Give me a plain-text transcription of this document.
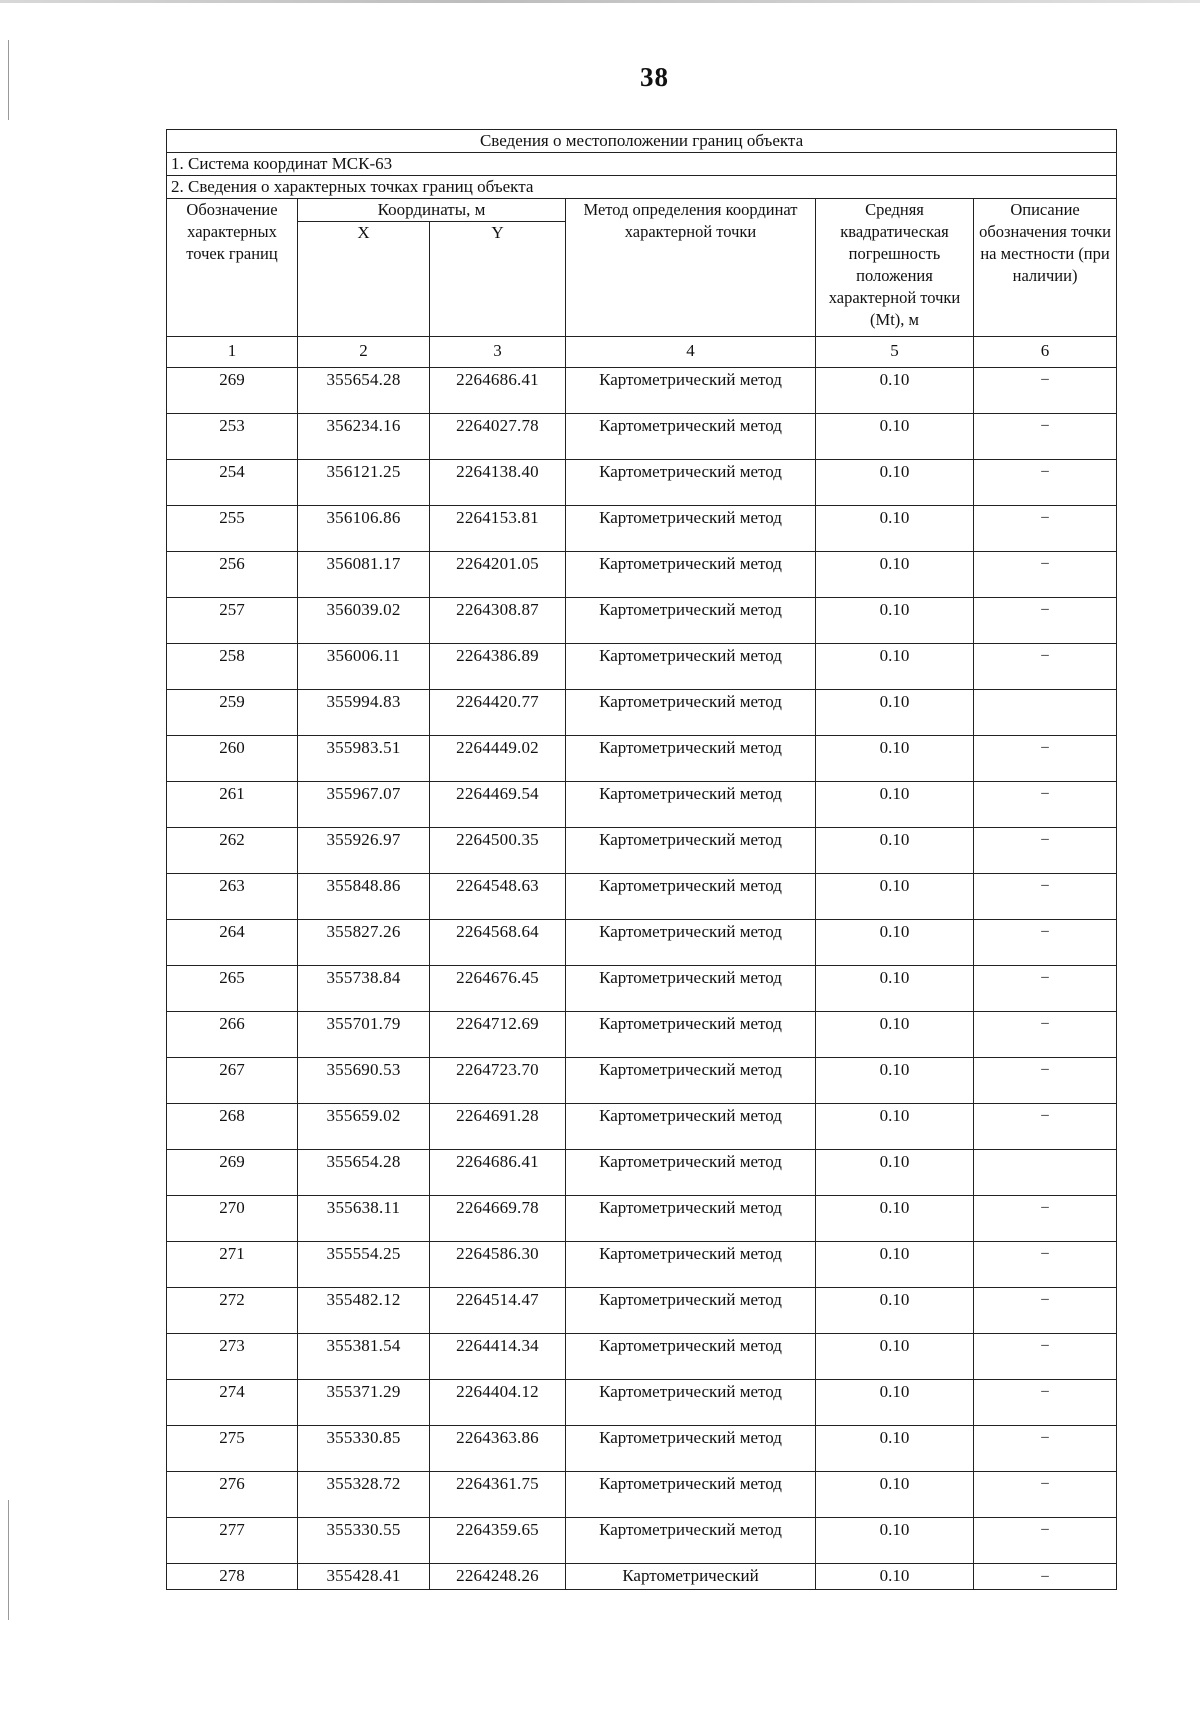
38
Сведения о местоположении границ объекта					
1. Система координат МСК-63					
2. Сведения о характерных точках границ объекта					
Обозначение характерных точек границ	Координаты, м		Метод определения координат характерной точки	Средняя квадратическая погрешность положения характерной точки (Mt), м	Описание обозначения точки на местности (при наличии)
	X	Y			
1	2	3	4	5	6
269	355654.28	2264686.41	Картометрический метод	0.10	–
253	356234.16	2264027.78	Картометрический метод	0.10	–
254	356121.25	2264138.40	Картометрический метод	0.10	–
255	356106.86	2264153.81	Картометрический метод	0.10	–
256	356081.17	2264201.05	Картометрический метод	0.10	–
257	356039.02	2264308.87	Картометрический метод	0.10	–
258	356006.11	2264386.89	Картометрический метод	0.10	–
259	355994.83	2264420.77	Картометрический метод	0.10	
260	355983.51	2264449.02	Картометрический метод	0.10	–
261	355967.07	2264469.54	Картометрический метод	0.10	–
262	355926.97	2264500.35	Картометрический метод	0.10	–
263	355848.86	2264548.63	Картометрический метод	0.10	–
264	355827.26	2264568.64	Картометрический метод	0.10	–
265	355738.84	2264676.45	Картометрический метод	0.10	–
266	355701.79	2264712.69	Картометрический метод	0.10	–
267	355690.53	2264723.70	Картометрический метод	0.10	–
268	355659.02	2264691.28	Картометрический метод	0.10	–
269	355654.28	2264686.41	Картометрический метод	0.10	
270	355638.11	2264669.78	Картометрический метод	0.10	–
271	355554.25	2264586.30	Картометрический метод	0.10	–
272	355482.12	2264514.47	Картометрический метод	0.10	–
273	355381.54	2264414.34	Картометрический метод	0.10	–
274	355371.29	2264404.12	Картометрический метод	0.10	–
275	355330.85	2264363.86	Картометрический метод	0.10	–
276	355328.72	2264361.75	Картометрический метод	0.10	–
277	355330.55	2264359.65	Картометрический метод	0.10	–
278	355428.41	2264248.26	Картометрический	0.10	–
